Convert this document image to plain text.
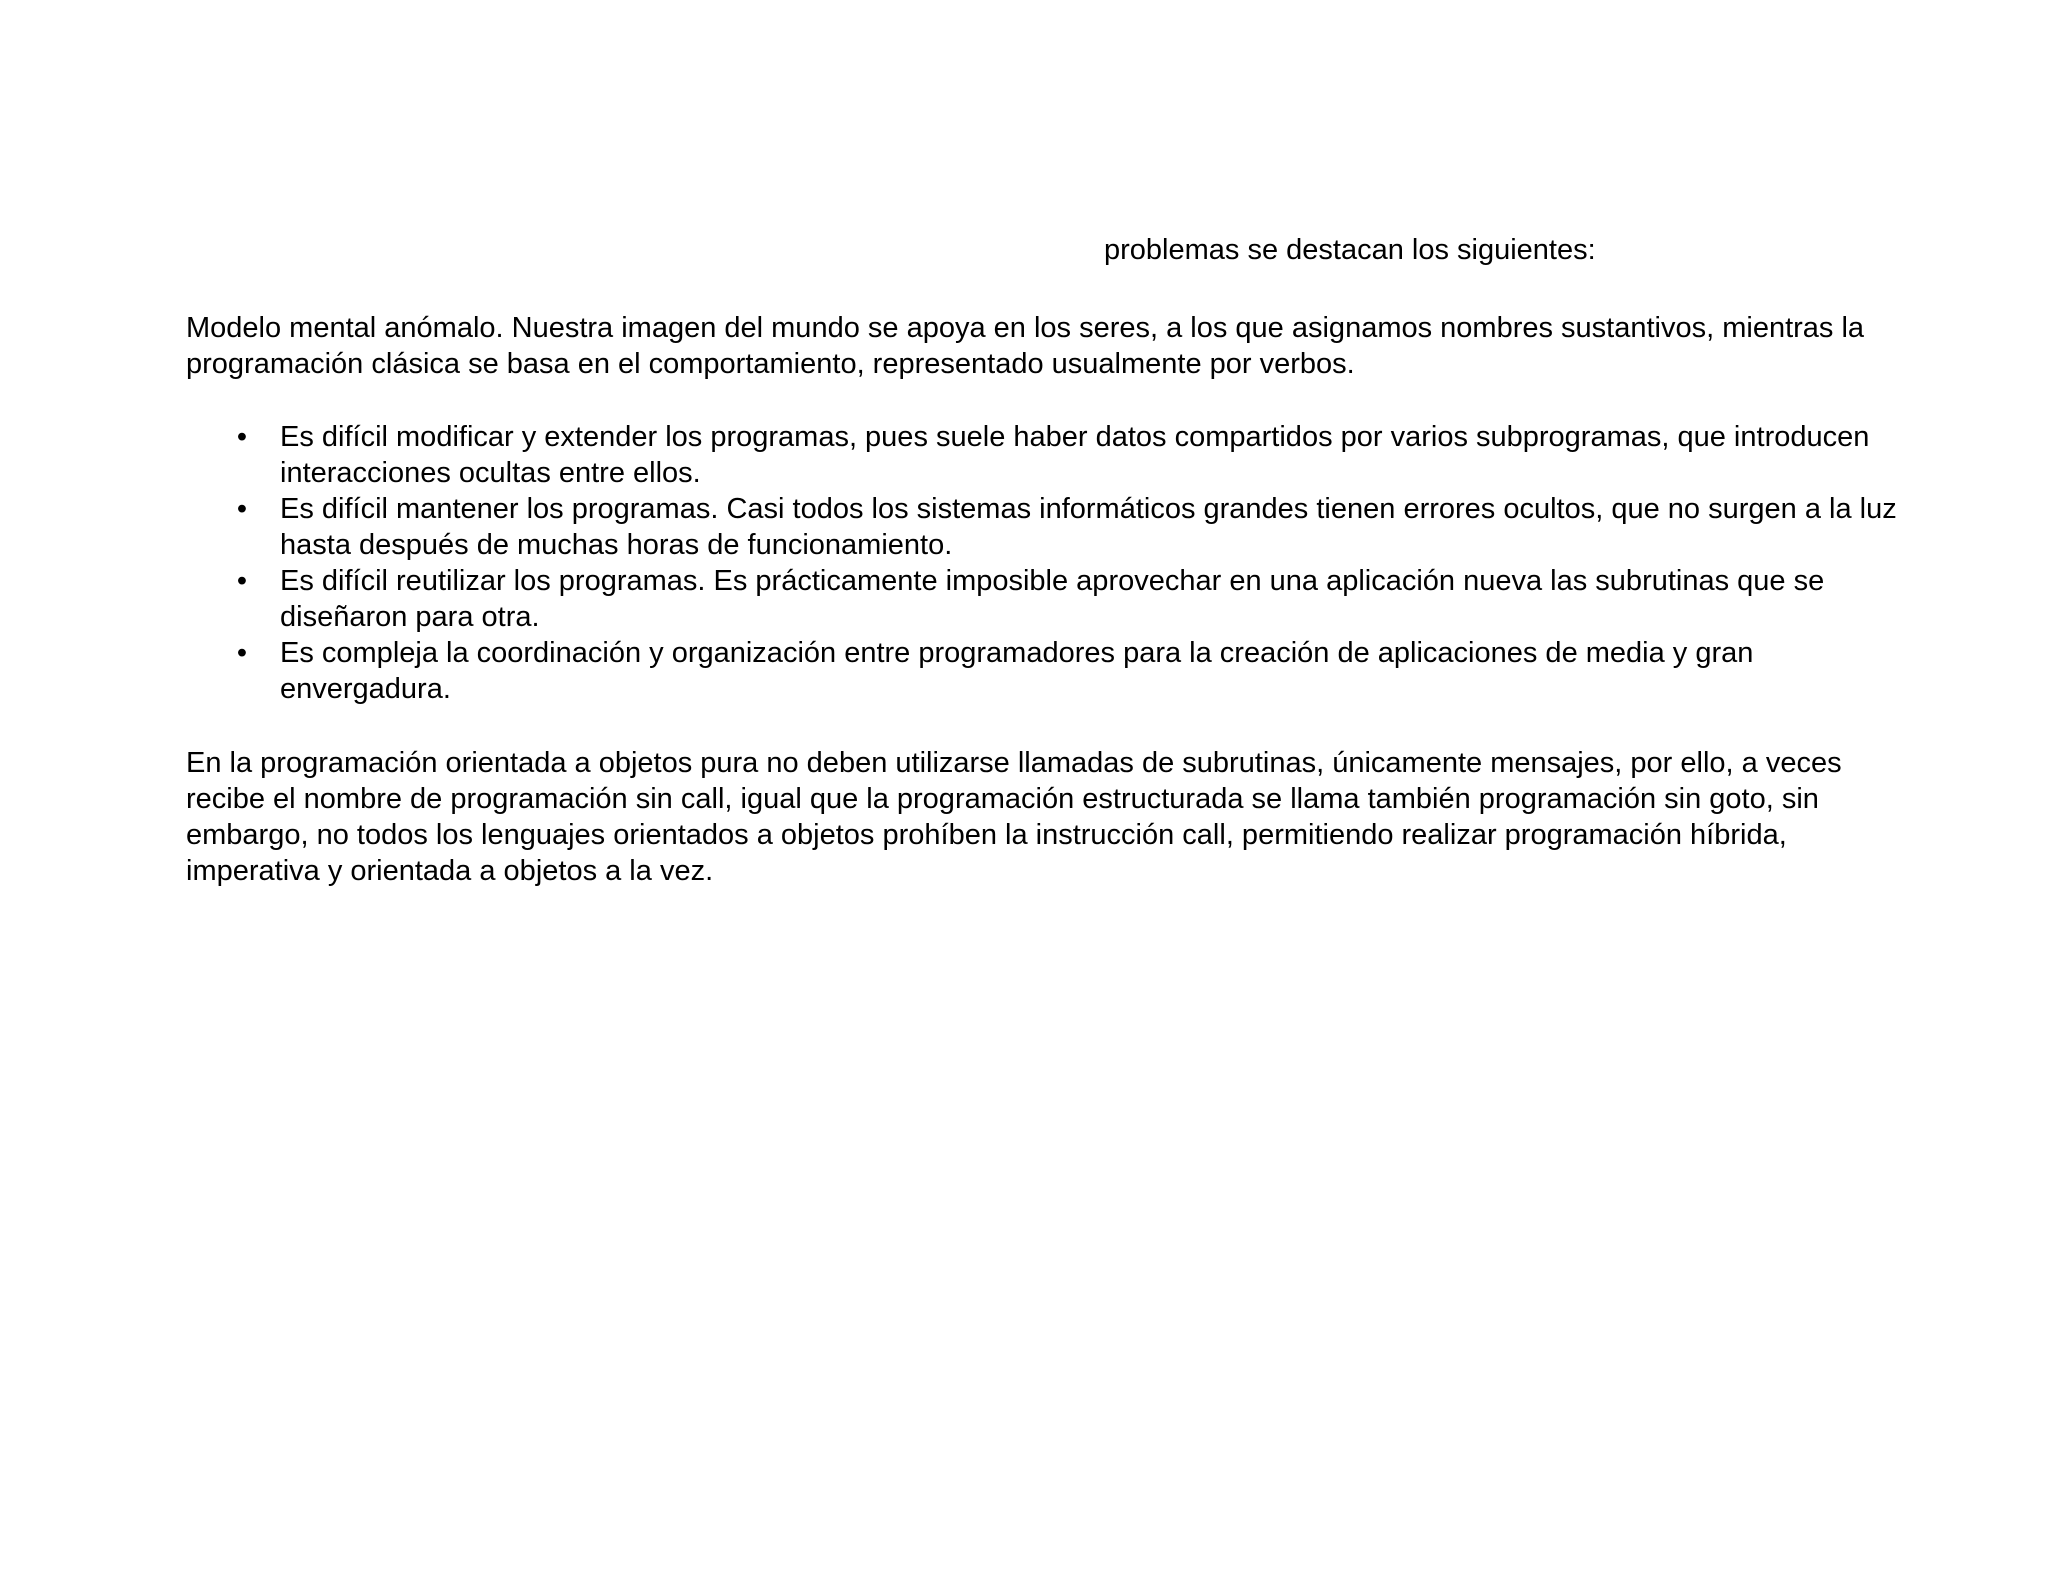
problemas se destacan los siguientes:

Modelo mental anómalo. Nuestra imagen del mundo se apoya en los seres, a los que asignamos nombres sustantivos, mientras la programación clásica se basa en el comportamiento, representado usualmente por verbos.

• Es difícil modificar y extender los programas, pues suele haber datos compartidos por varios subprogramas, que introducen interacciones ocultas entre ellos.
• Es difícil mantener los programas. Casi todos los sistemas informáticos grandes tienen errores ocultos, que no surgen a la luz hasta después de muchas horas de funcionamiento.
• Es difícil reutilizar los programas. Es prácticamente imposible aprovechar en una aplicación nueva las subrutinas que se diseñaron para otra.
• Es compleja la coordinación y organización entre programadores para la creación de aplicaciones de media y gran envergadura.

En la programación orientada a objetos pura no deben utilizarse llamadas de subrutinas, únicamente mensajes, por ello, a veces recibe el nombre de programación sin call, igual que la programación estructurada se llama también programación sin goto, sin embargo, no todos los lenguajes orientados a objetos prohíben la instrucción call, permitiendo realizar programación híbrida, imperativa y orientada a objetos a la vez.
